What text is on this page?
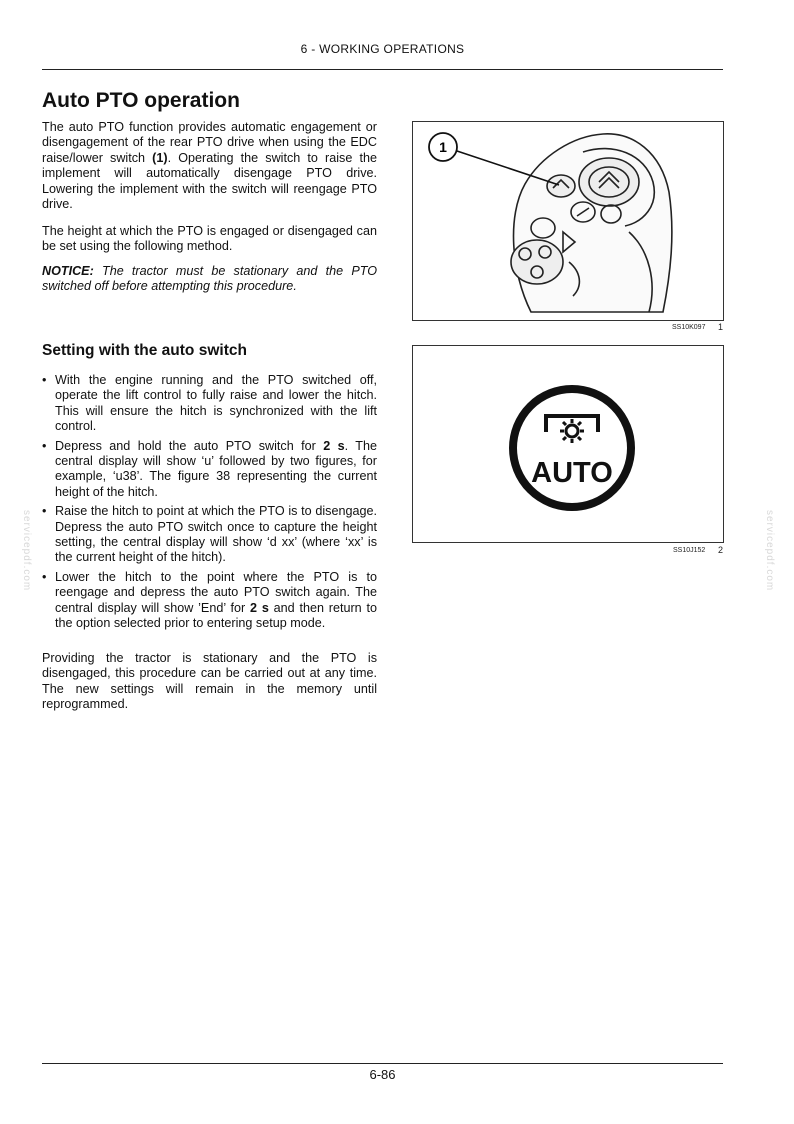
6 - WORKING OPERATIONS
Auto PTO operation

The auto PTO function provides automatic engagement or disengagement of the rear PTO drive when using the EDC raise/lower switch (1). Operating the switch to raise the implement will automatically disengage PTO drive. Lowering the implement with the switch will reengage PTO drive.

The height at which the PTO is engaged or disengaged can be set using the following method.

NOTICE: The tractor must be stationary and the PTO switched off before attempting this procedure.

Setting with the auto switch
• With the engine running and the PTO switched off, operate the lift control to fully raise and lower the hitch. This will ensure the hitch is synchronized with the lift control.
• Depress and hold the auto PTO switch for 2 s. The central display will show ‘u’ followed by two figures, for example, ‘u38’. The figure 38 representing the current height of the hitch.
• Raise the hitch to point at which the PTO is to disengage. Depress the auto PTO switch once to capture the height setting, the central display will show ‘d xx’ (where ‘xx’ is the current height of the hitch).
• Lower the hitch to the point where the PTO is to reengage and depress the auto PTO switch again. The central display will show ’End’ for 2 s and then return to the option selected prior to entering setup mode.

Providing the tractor is stationary and the PTO is disengaged, this procedure can be carried out at any time. The new settings will remain in the memory until reprogrammed.

1
SS10K097 1
AUTO
SS10J152 2
servicepdf.com	servicepdf.com
6-86
